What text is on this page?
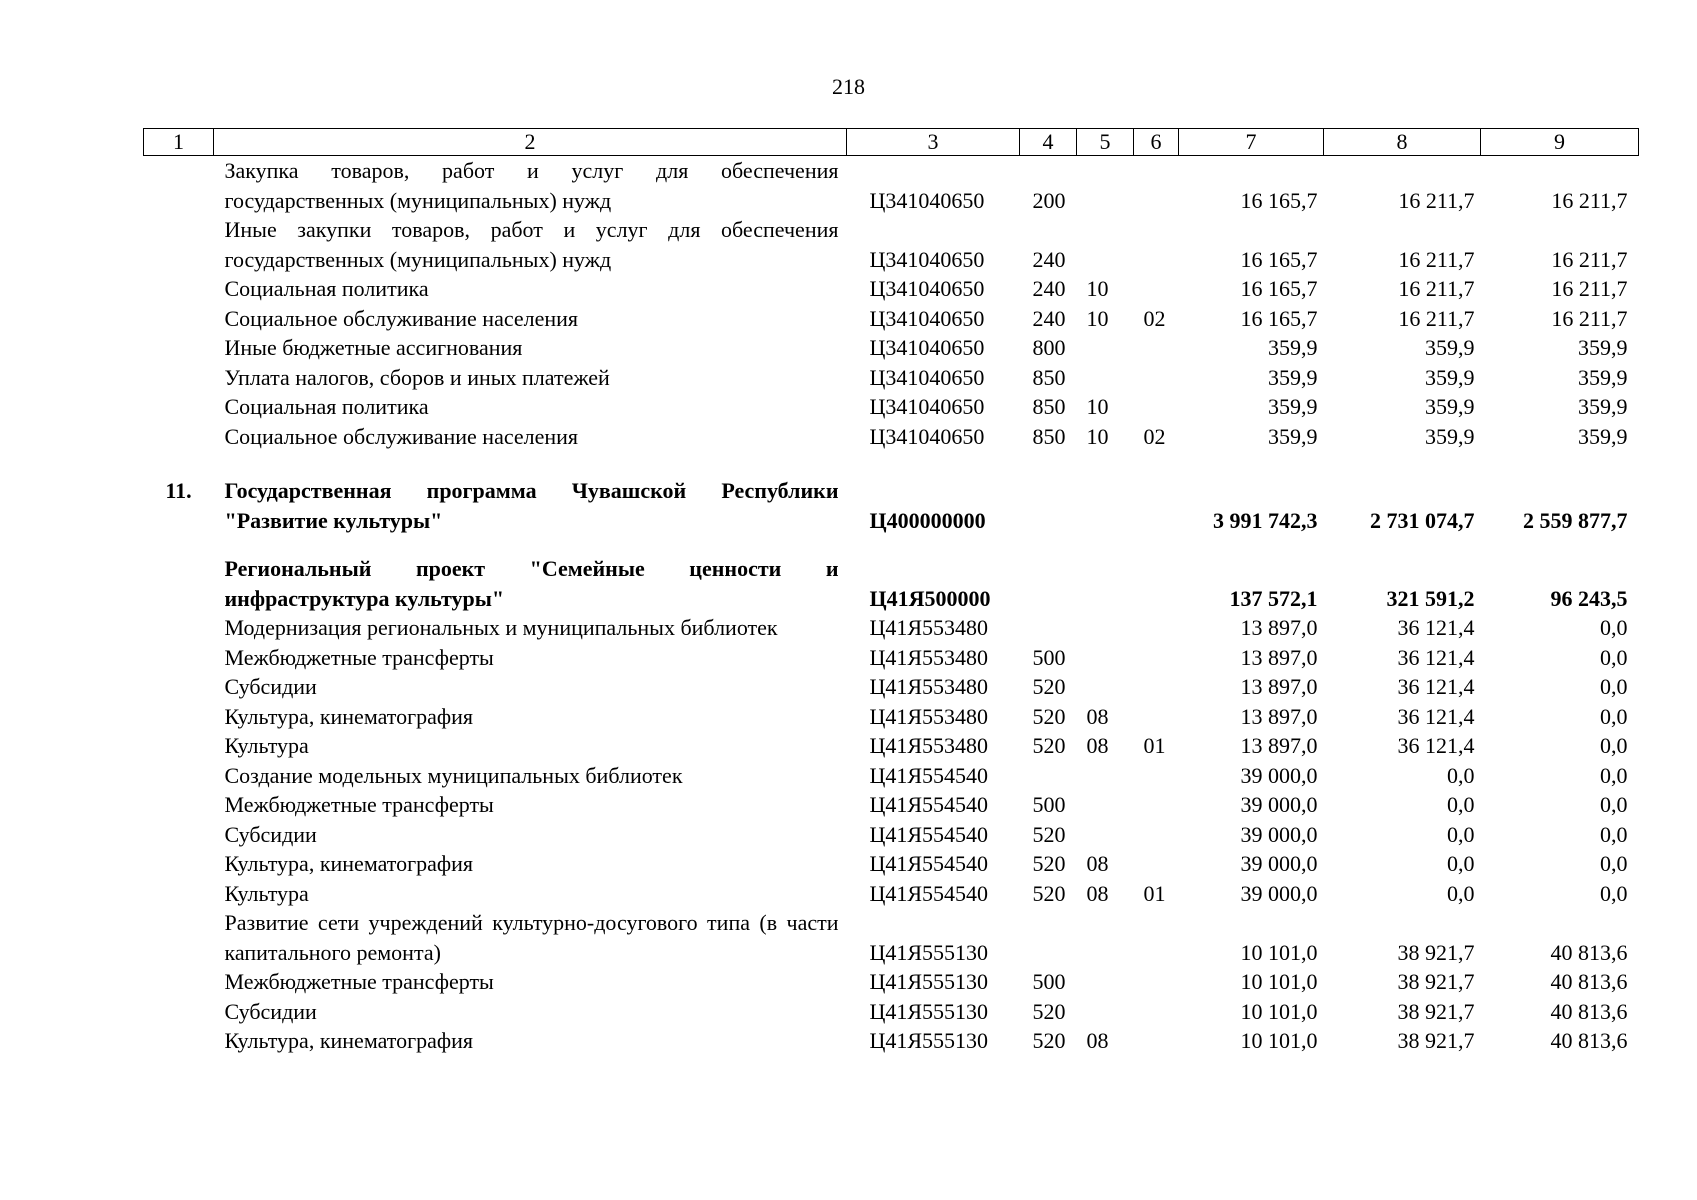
218
1	2	3	4	5	6	7	8	9
	Закупка товаров, работ и услуг для обеспечения государственных (муниципальных) нужд	Ц341040650	200			16 165,7	16 211,7	16 211,7
	Иные закупки товаров, работ и услуг для обеспечения государственных (муниципальных) нужд	Ц341040650	240			16 165,7	16 211,7	16 211,7
	Социальная политика	Ц341040650	240	10		16 165,7	16 211,7	16 211,7
	Социальное обслуживание населения	Ц341040650	240	10	02	16 165,7	16 211,7	16 211,7
	Иные бюджетные ассигнования	Ц341040650	800			359,9	359,9	359,9
	Уплата налогов, сборов и иных платежей	Ц341040650	850			359,9	359,9	359,9
	Социальная политика	Ц341040650	850	10		359,9	359,9	359,9
	Социальное обслуживание населения	Ц341040650	850	10	02	359,9	359,9	359,9
11.	Государственная программа Чувашской Республики "Развитие культуры"	Ц400000000				3 991 742,3	2 731 074,7	2 559 877,7
	Региональный проект "Семейные ценности и инфраструктура культуры"	Ц41Я500000				137 572,1	321 591,2	96 243,5
	Модернизация региональных и муниципальных библиотек	Ц41Я553480				13 897,0	36 121,4	0,0
	Межбюджетные трансферты	Ц41Я553480	500			13 897,0	36 121,4	0,0
	Субсидии	Ц41Я553480	520			13 897,0	36 121,4	0,0
	Культура, кинематография	Ц41Я553480	520	08		13 897,0	36 121,4	0,0
	Культура	Ц41Я553480	520	08	01	13 897,0	36 121,4	0,0
	Создание модельных муниципальных библиотек	Ц41Я554540				39 000,0	0,0	0,0
	Межбюджетные трансферты	Ц41Я554540	500			39 000,0	0,0	0,0
	Субсидии	Ц41Я554540	520			39 000,0	0,0	0,0
	Культура, кинематография	Ц41Я554540	520	08		39 000,0	0,0	0,0
	Культура	Ц41Я554540	520	08	01	39 000,0	0,0	0,0
	Развитие сети учреждений культурно-досугового типа (в части капитального ремонта)	Ц41Я555130				10 101,0	38 921,7	40 813,6
	Межбюджетные трансферты	Ц41Я555130	500			10 101,0	38 921,7	40 813,6
	Субсидии	Ц41Я555130	520			10 101,0	38 921,7	40 813,6
	Культура, кинематография	Ц41Я555130	520	08		10 101,0	38 921,7	40 813,6
